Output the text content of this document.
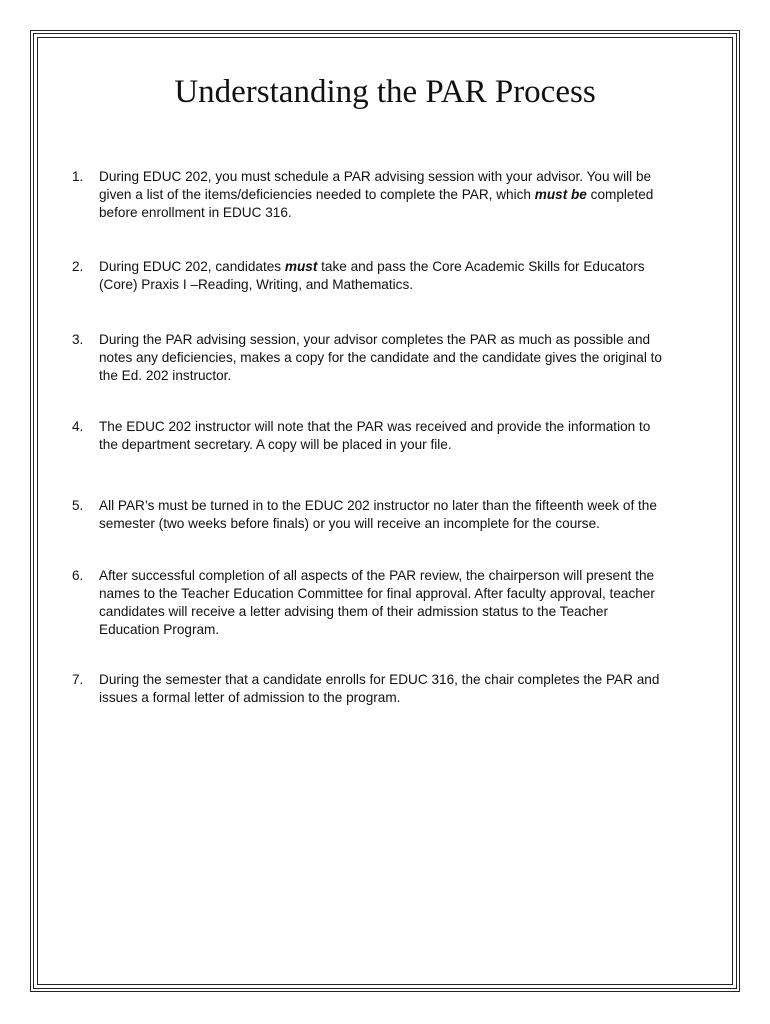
Understanding the PAR Process
1.	During EDUC 202, you must schedule a PAR advising session with your advisor. You will be
given a list of the items/deficiencies needed to complete the PAR, which must be completed
before enrollment in EDUC 316.
2.	During EDUC 202, candidates must take and pass the Core Academic Skills for Educators
(Core) Praxis I –Reading, Writing, and Mathematics.
3.	During the PAR advising session, your advisor completes the PAR as much as possible and
notes any deficiencies, makes a copy for the candidate and the candidate gives the original to
the Ed. 202 instructor.
4.	The EDUC 202 instructor will note that the PAR was received and provide the information to
the department secretary. A copy will be placed in your file.
5.	All PAR’s must be turned in to the EDUC 202 instructor no later than the fifteenth week of the
semester (two weeks before finals) or you will receive an incomplete for the course.
6.	After successful completion of all aspects of the PAR review, the chairperson will present the
names to the Teacher Education Committee for final approval. After faculty approval, teacher
candidates will receive a letter advising them of their admission status to the Teacher
Education Program.
7.	During the semester that a candidate enrolls for EDUC 316, the chair completes the PAR and
issues a formal letter of admission to the program.
